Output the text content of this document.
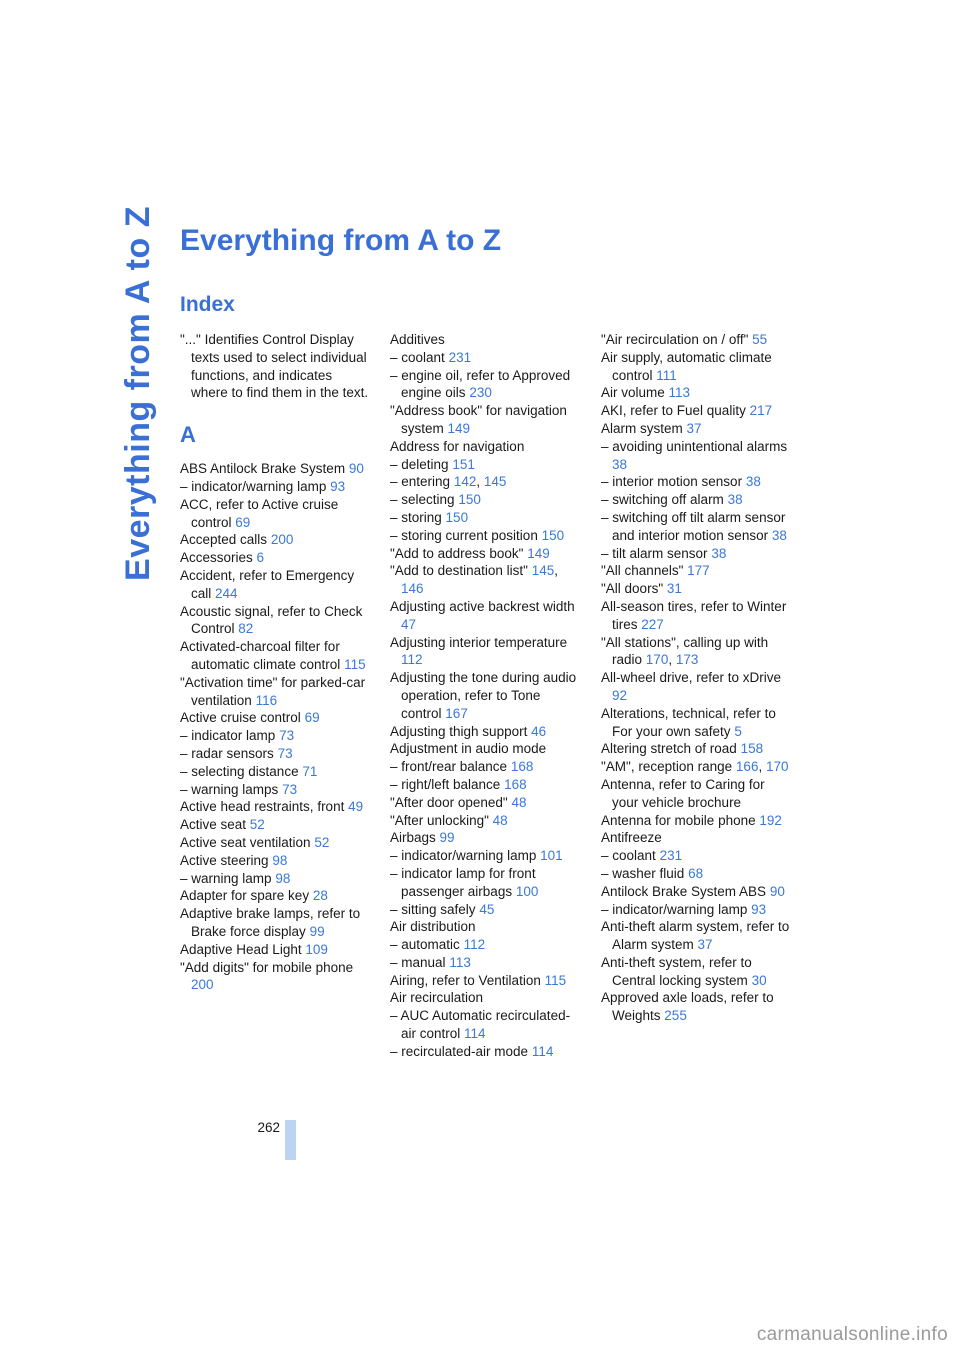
Everything from A to Z Everything from A to Z
Index
"..." Identifies Control Display texts used to select individual functions, and indicates where to find them in the text.
A
ABS Antilock Brake System 90
– indicator/warning lamp 93
ACC, refer to Active cruise control 69
Accepted calls 200
Accessories 6
Accident, refer to Emergency call 244
Acoustic signal, refer to Check Control 82
Activated-charcoal filter for automatic climate control 115
"Activation time" for parked-car ventilation 116
Active cruise control 69
– indicator lamp 73
– radar sensors 73
– selecting distance 71
– warning lamps 73
Active head restraints, front 49
Active seat 52
Active seat ventilation 52
Active steering 98
– warning lamp 98
Adapter for spare key 28
Adaptive brake lamps, refer to Brake force display 99
Adaptive Head Light 109
"Add digits" for mobile phone 200
Additives
– coolant 231
– engine oil, refer to Approved engine oils 230
"Address book" for navigation system 149
Address for navigation
– deleting 151
– entering 142, 145
– selecting 150
– storing 150
– storing current position 150
"Add to address book" 149
"Add to destination list" 145, 146
Adjusting active backrest width 47
Adjusting interior temperature 112
Adjusting the tone during audio operation, refer to Tone control 167
Adjusting thigh support 46
Adjustment in audio mode
– front/rear balance 168
– right/left balance 168
"After door opened" 48
"After unlocking" 48
Airbags 99
– indicator/warning lamp 101
– indicator lamp for front passenger airbags 100
– sitting safely 45
Air distribution
– automatic 112
– manual 113
Airing, refer to Ventilation 115
Air recirculation
– AUC Automatic recirculated-air control 114
– recirculated-air mode 114
"Air recirculation on / off" 55
Air supply, automatic climate control 111
Air volume 113
AKI, refer to Fuel quality 217
Alarm system 37
– avoiding unintentional alarms 38
– interior motion sensor 38
– switching off alarm 38
– switching off tilt alarm sensor and interior motion sensor 38
– tilt alarm sensor 38
"All channels" 177
"All doors" 31
All-season tires, refer to Winter tires 227
"All stations", calling up with radio 170, 173
All-wheel drive, refer to xDrive 92
Alterations, technical, refer to For your own safety 5
Altering stretch of road 158
"AM", reception range 166, 170
Antenna, refer to Caring for your vehicle brochure
Antenna for mobile phone 192
Antifreeze
– coolant 231
– washer fluid 68
Antilock Brake System ABS 90
– indicator/warning lamp 93
Anti-theft alarm system, refer to Alarm system 37
Anti-theft system, refer to Central locking system 30
Approved axle loads, refer to Weights 255
262
carmanualsonline.info
